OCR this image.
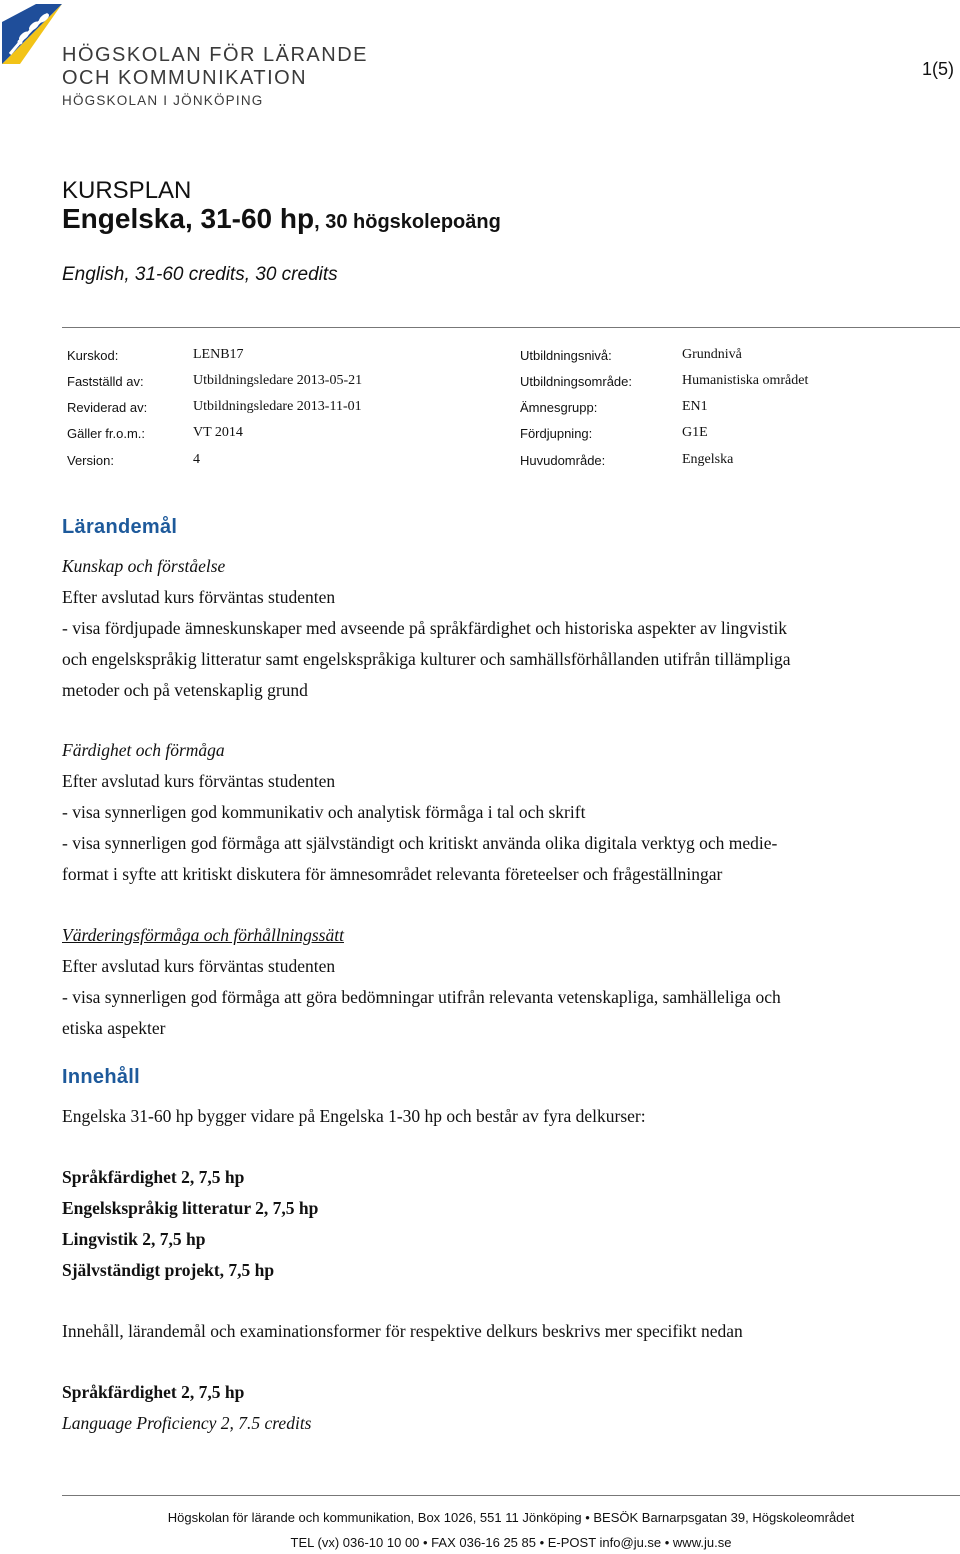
HÖGSKOLAN FÖR LÄRANDE
OCH KOMMUNIKATION
HÖGSKOLAN I JÖNKÖPING
1(5)
KURSPLAN
Engelska, 31-60 hp, 30 högskolepoäng
English, 31-60 credits, 30 credits
Kurskod:	LENB17
Fastställd av:	Utbildningsledare 2013-05-21
Reviderad av:	Utbildningsledare 2013-11-01
Gäller fr.o.m.:	VT 2014
Version:	4
Utbildningsnivå:	Grundnivå
Utbildningsområde:	Humanistiska området
Ämnesgrupp:	EN1
Fördjupning:	G1E
Huvudområde:	Engelska
Lärandemål
Kunskap och förståelse
Efter avslutad kurs förväntas studenten
- visa fördjupade ämneskunskaper med avseende på språkfärdighet och historiska aspekter av lingvistik
och engelskspråkig litteratur samt engelskspråkiga kulturer och samhällsförhållanden utifrån tillämpliga
metoder och på vetenskaplig grund
Färdighet och förmåga
Efter avslutad kurs förväntas studenten
- visa synnerligen god kommunikativ och analytisk förmåga i tal och skrift
- visa synnerligen god förmåga att självständigt och kritiskt använda olika digitala verktyg och medie-
format i syfte att kritiskt diskutera för ämnesområdet relevanta företeelser och frågeställningar
Värderingsförmåga och förhållningssätt
Efter avslutad kurs förväntas studenten
- visa synnerligen god förmåga att göra bedömningar utifrån relevanta vetenskapliga, samhälleliga och
etiska aspekter
Innehåll
Engelska 31-60 hp bygger vidare på Engelska 1-30 hp och består av fyra delkurser:
Språkfärdighet 2, 7,5 hp
Engelskspråkig litteratur 2, 7,5 hp
Lingvistik 2, 7,5 hp
Självständigt projekt, 7,5 hp
Innehåll, lärandemål och examinationsformer för respektive delkurs beskrivs mer specifikt nedan
Språkfärdighet 2, 7,5 hp
Language Proficiency 2, 7.5 credits
Högskolan för lärande och kommunikation, Box 1026, 551 11 Jönköping • BESÖK Barnarpsgatan 39, Högskoleområdet
TEL (vx) 036-10 10 00 • FAX 036-16 25 85 • E-POST info@ju.se • www.ju.se
